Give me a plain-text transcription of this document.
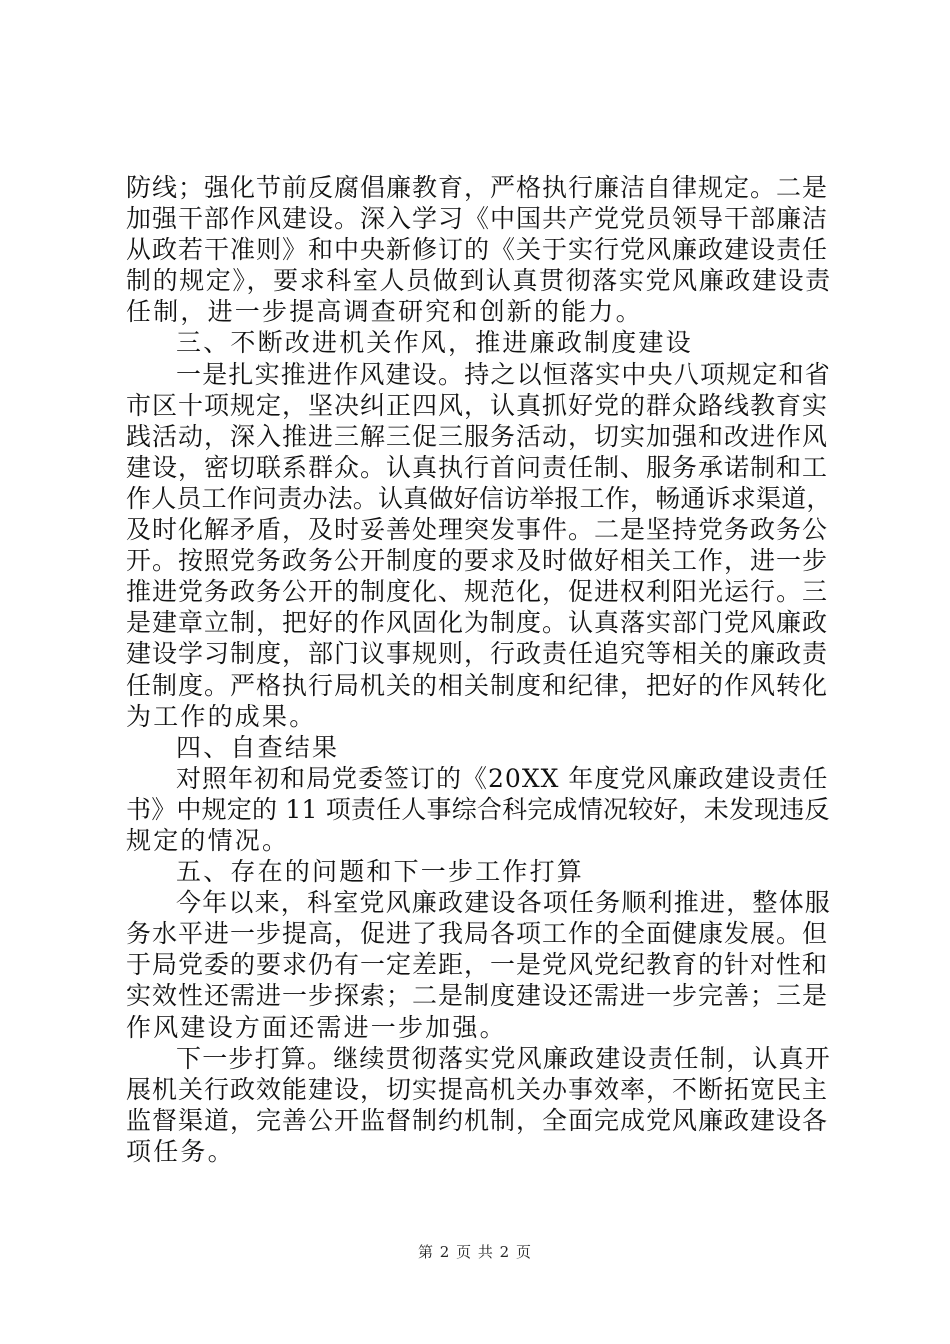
防线；强化节前反腐倡廉教育，严格执行廉洁自律规定。二是
加强干部作风建设。深入学习《中国共产党党员领导干部廉洁
从政若干准则》和中央新修订的《关于实行党风廉政建设责任
制的规定》，要求科室人员做到认真贯彻落实党风廉政建设责
任制，进一步提高调查研究和创新的能力。
三、不断改进机关作风，推进廉政制度建设
一是扎实推进作风建设。持之以恒落实中央八项规定和省
市区十项规定，坚决纠正四风，认真抓好党的群众路线教育实
践活动，深入推进三解三促三服务活动，切实加强和改进作风
建设，密切联系群众。认真执行首问责任制、服务承诺制和工
作人员工作问责办法。认真做好信访举报工作，畅通诉求渠道，
及时化解矛盾，及时妥善处理突发事件。二是坚持党务政务公
开。按照党务政务公开制度的要求及时做好相关工作，进一步
推进党务政务公开的制度化、规范化，促进权利阳光运行。三
是建章立制，把好的作风固化为制度。认真落实部门党风廉政
建设学习制度，部门议事规则，行政责任追究等相关的廉政责
任制度。严格执行局机关的相关制度和纪律，把好的作风转化
为工作的成果。
四、自查结果
对照年初和局党委签订的《20XX 年度党风廉政建设责任
书》中规定的 11 项责任人事综合科完成情况较好，未发现违反
规定的情况。
五、存在的问题和下一步工作打算
今年以来，科室党风廉政建设各项任务顺利推进，整体服
务水平进一步提高，促进了我局各项工作的全面健康发展。但
于局党委的要求仍有一定差距，一是党风党纪教育的针对性和
实效性还需进一步探索；二是制度建设还需进一步完善；三是
作风建设方面还需进一步加强。
下一步打算。继续贯彻落实党风廉政建设责任制，认真开
展机关行政效能建设，切实提高机关办事效率，不断拓宽民主
监督渠道，完善公开监督制约机制，全面完成党风廉政建设各
项任务。
第 2 页 共 2 页
